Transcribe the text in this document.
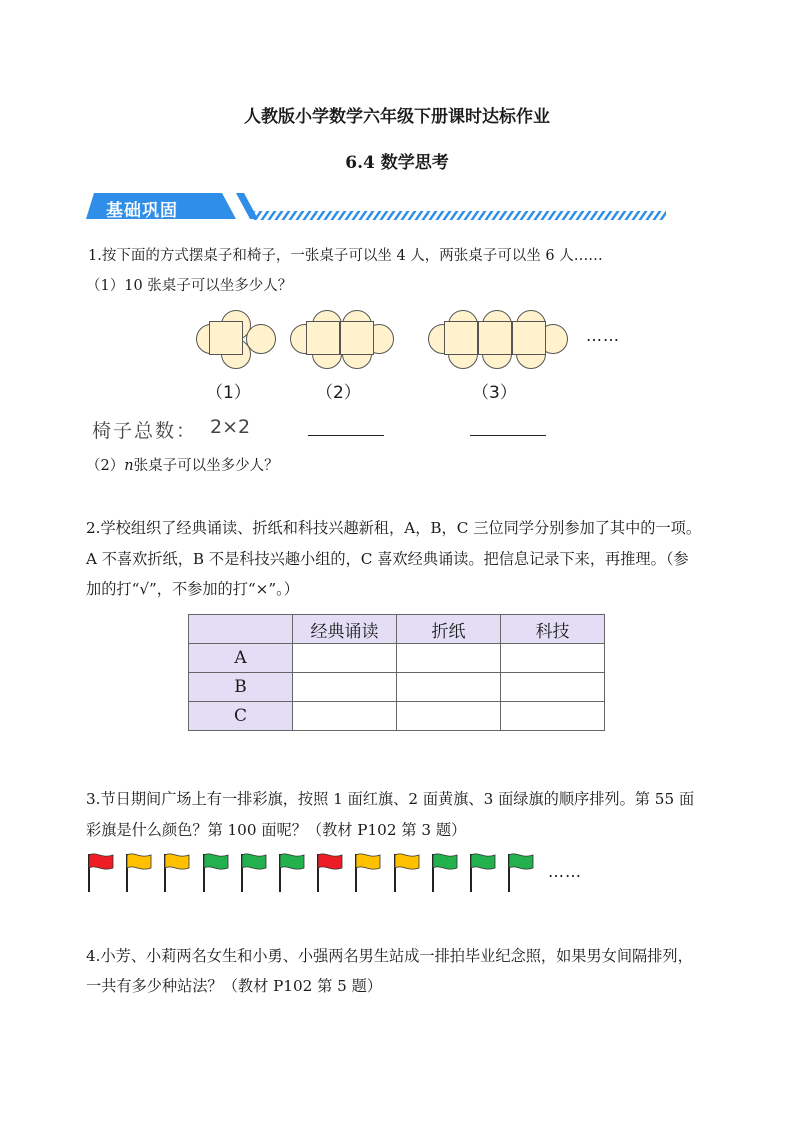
人教版小学数学六年级下册课时达标作业
6.4 数学思考
基础巩固
1.按下面的方式摆桌子和椅子，一张桌子可以坐 4 人，两张桌子可以坐 6 人……
（1）10 张桌子可以坐多少人？
……
（1）	（2）	（3）
椅子总数： 2×2
（2）n张桌子可以坐多少人？
2.学校组织了经典诵读、折纸和科技兴趣新租，A，B，C 三位同学分别参加了其中的一项。
A 不喜欢折纸，B 不是科技兴趣小组的，C 喜欢经典诵读。把信息记录下来，再推理。（参
加的打“√”，不参加的打“×”。）
	经典诵读	折纸	科技
A			
B			
C			
3.节日期间广场上有一排彩旗，按照 1 面红旗、2 面黄旗、3 面绿旗的顺序排列。第 55 面
彩旗是什么颜色？第 100 面呢？（教材 P102 第 3 题）
……
4.小芳、小莉两名女生和小勇、小强两名男生站成一排拍毕业纪念照，如果男女间隔排列，
一共有多少种站法？（教材 P102 第 5 题）
